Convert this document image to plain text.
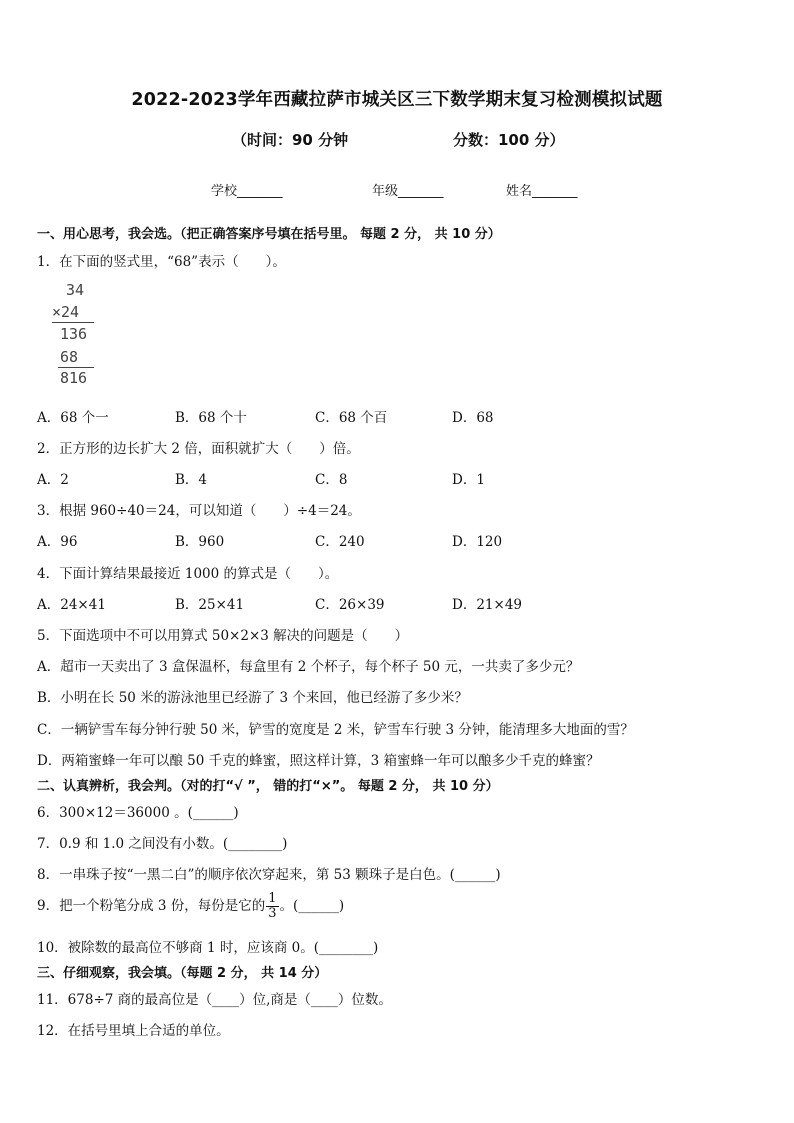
2022-2023学年西藏拉萨市城关区三下数学期末复习检测模拟试题
（时间：90 分钟	分数：100 分）
学校_______	年级_______	姓名_______
一、用心思考，我会选。（把正确答案序号填在括号里。 每题 2 分， 共 10 分）
1．在下面的竖式里，“68”表示（　　）。
34
×24
136
68
816
A．68 个一	B．68 个十	C．68 个百	D．68
2．正方形的边长扩大 2 倍，面积就扩大（　　）倍。
A．2	B．4	C．8	D．1
3．根据 960÷40＝24，可以知道（　　）÷4＝24。
A．96	B．960	C．240	D．120
4．下面计算结果最接近 1000 的算式是（　　）。
A．24×41	B．25×41	C．26×39	D．21×49
5．下面选项中不可以用算式 50×2×3 解决的问题是（　　）
A．超市一天卖出了 3 盒保温杯，每盒里有 2 个杯子，每个杯子 50 元，一共卖了多少元？
B．小明在长 50 米的游泳池里已经游了 3 个来回，他已经游了多少米？
C．一辆铲雪车每分钟行驶 50 米，铲雪的宽度是 2 米，铲雪车行驶 3 分钟，能清理多大地面的雪？
D．两箱蜜蜂一年可以酿 50 千克的蜂蜜，照这样计算，3 箱蜜蜂一年可以酿多少千克的蜂蜜？
二、认真辨析，我会判。（对的打“√ ”， 错的打“×”。 每题 2 分， 共 10 分）
6．300×12＝36000 。(______)
7．0.9 和 1.0 之间没有小数。(________)
8．一串珠子按“一黑二白”的顺序依次穿起来，第 53 颗珠子是白色。(______)
9．把一个粉笔分成 3 份，每份是它的 $\frac{1}{3}$ 。(______)
10．被除数的最高位不够商 1 时，应该商 0。(________)
三、仔细观察，我会填。（每题 2 分， 共 14 分）
11．678÷7 商的最高位是（____）位,商是（____）位数。
12．在括号里填上合适的单位。
